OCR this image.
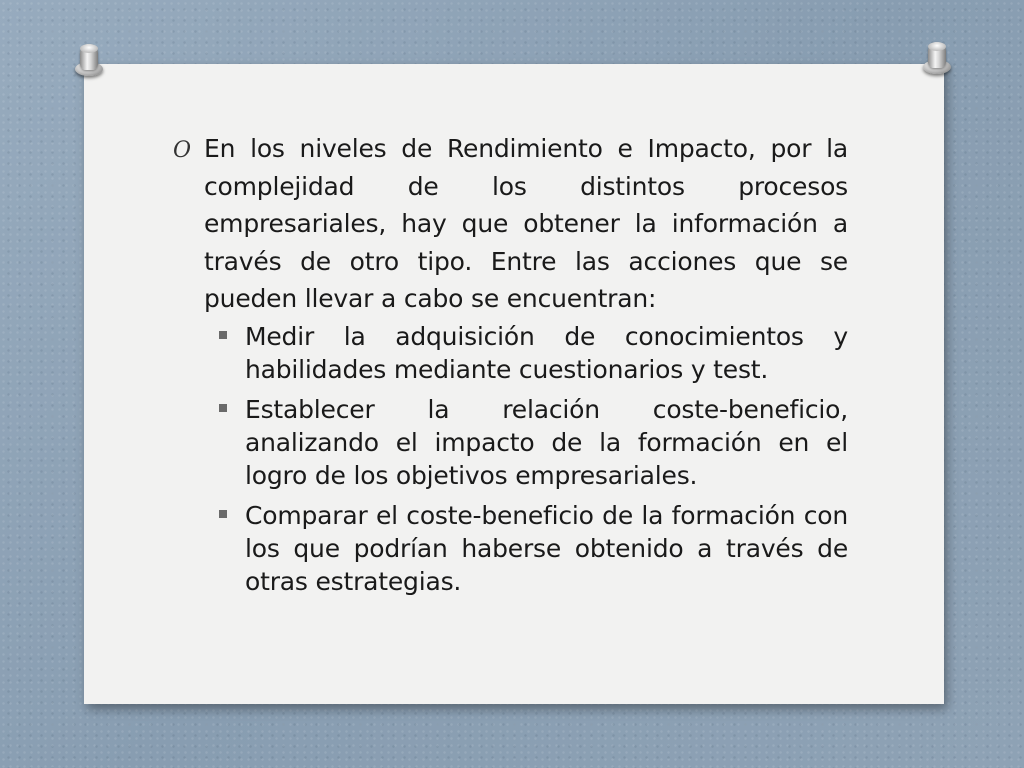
O En los niveles de Rendimiento e Impacto, por la complejidad de los distintos procesos empresariales, hay que obtener la información a través de otro tipo. Entre las acciones que se pueden llevar a cabo se encuentran:
Medir la adquisición de conocimientos y habilidades mediante cuestionarios y test.
Establecer la relación coste-beneficio, analizando el impacto de la formación en el logro de los objetivos empresariales.
Comparar el coste-beneficio de la formación con los que podrían haberse obtenido a través de otras estrategias.
